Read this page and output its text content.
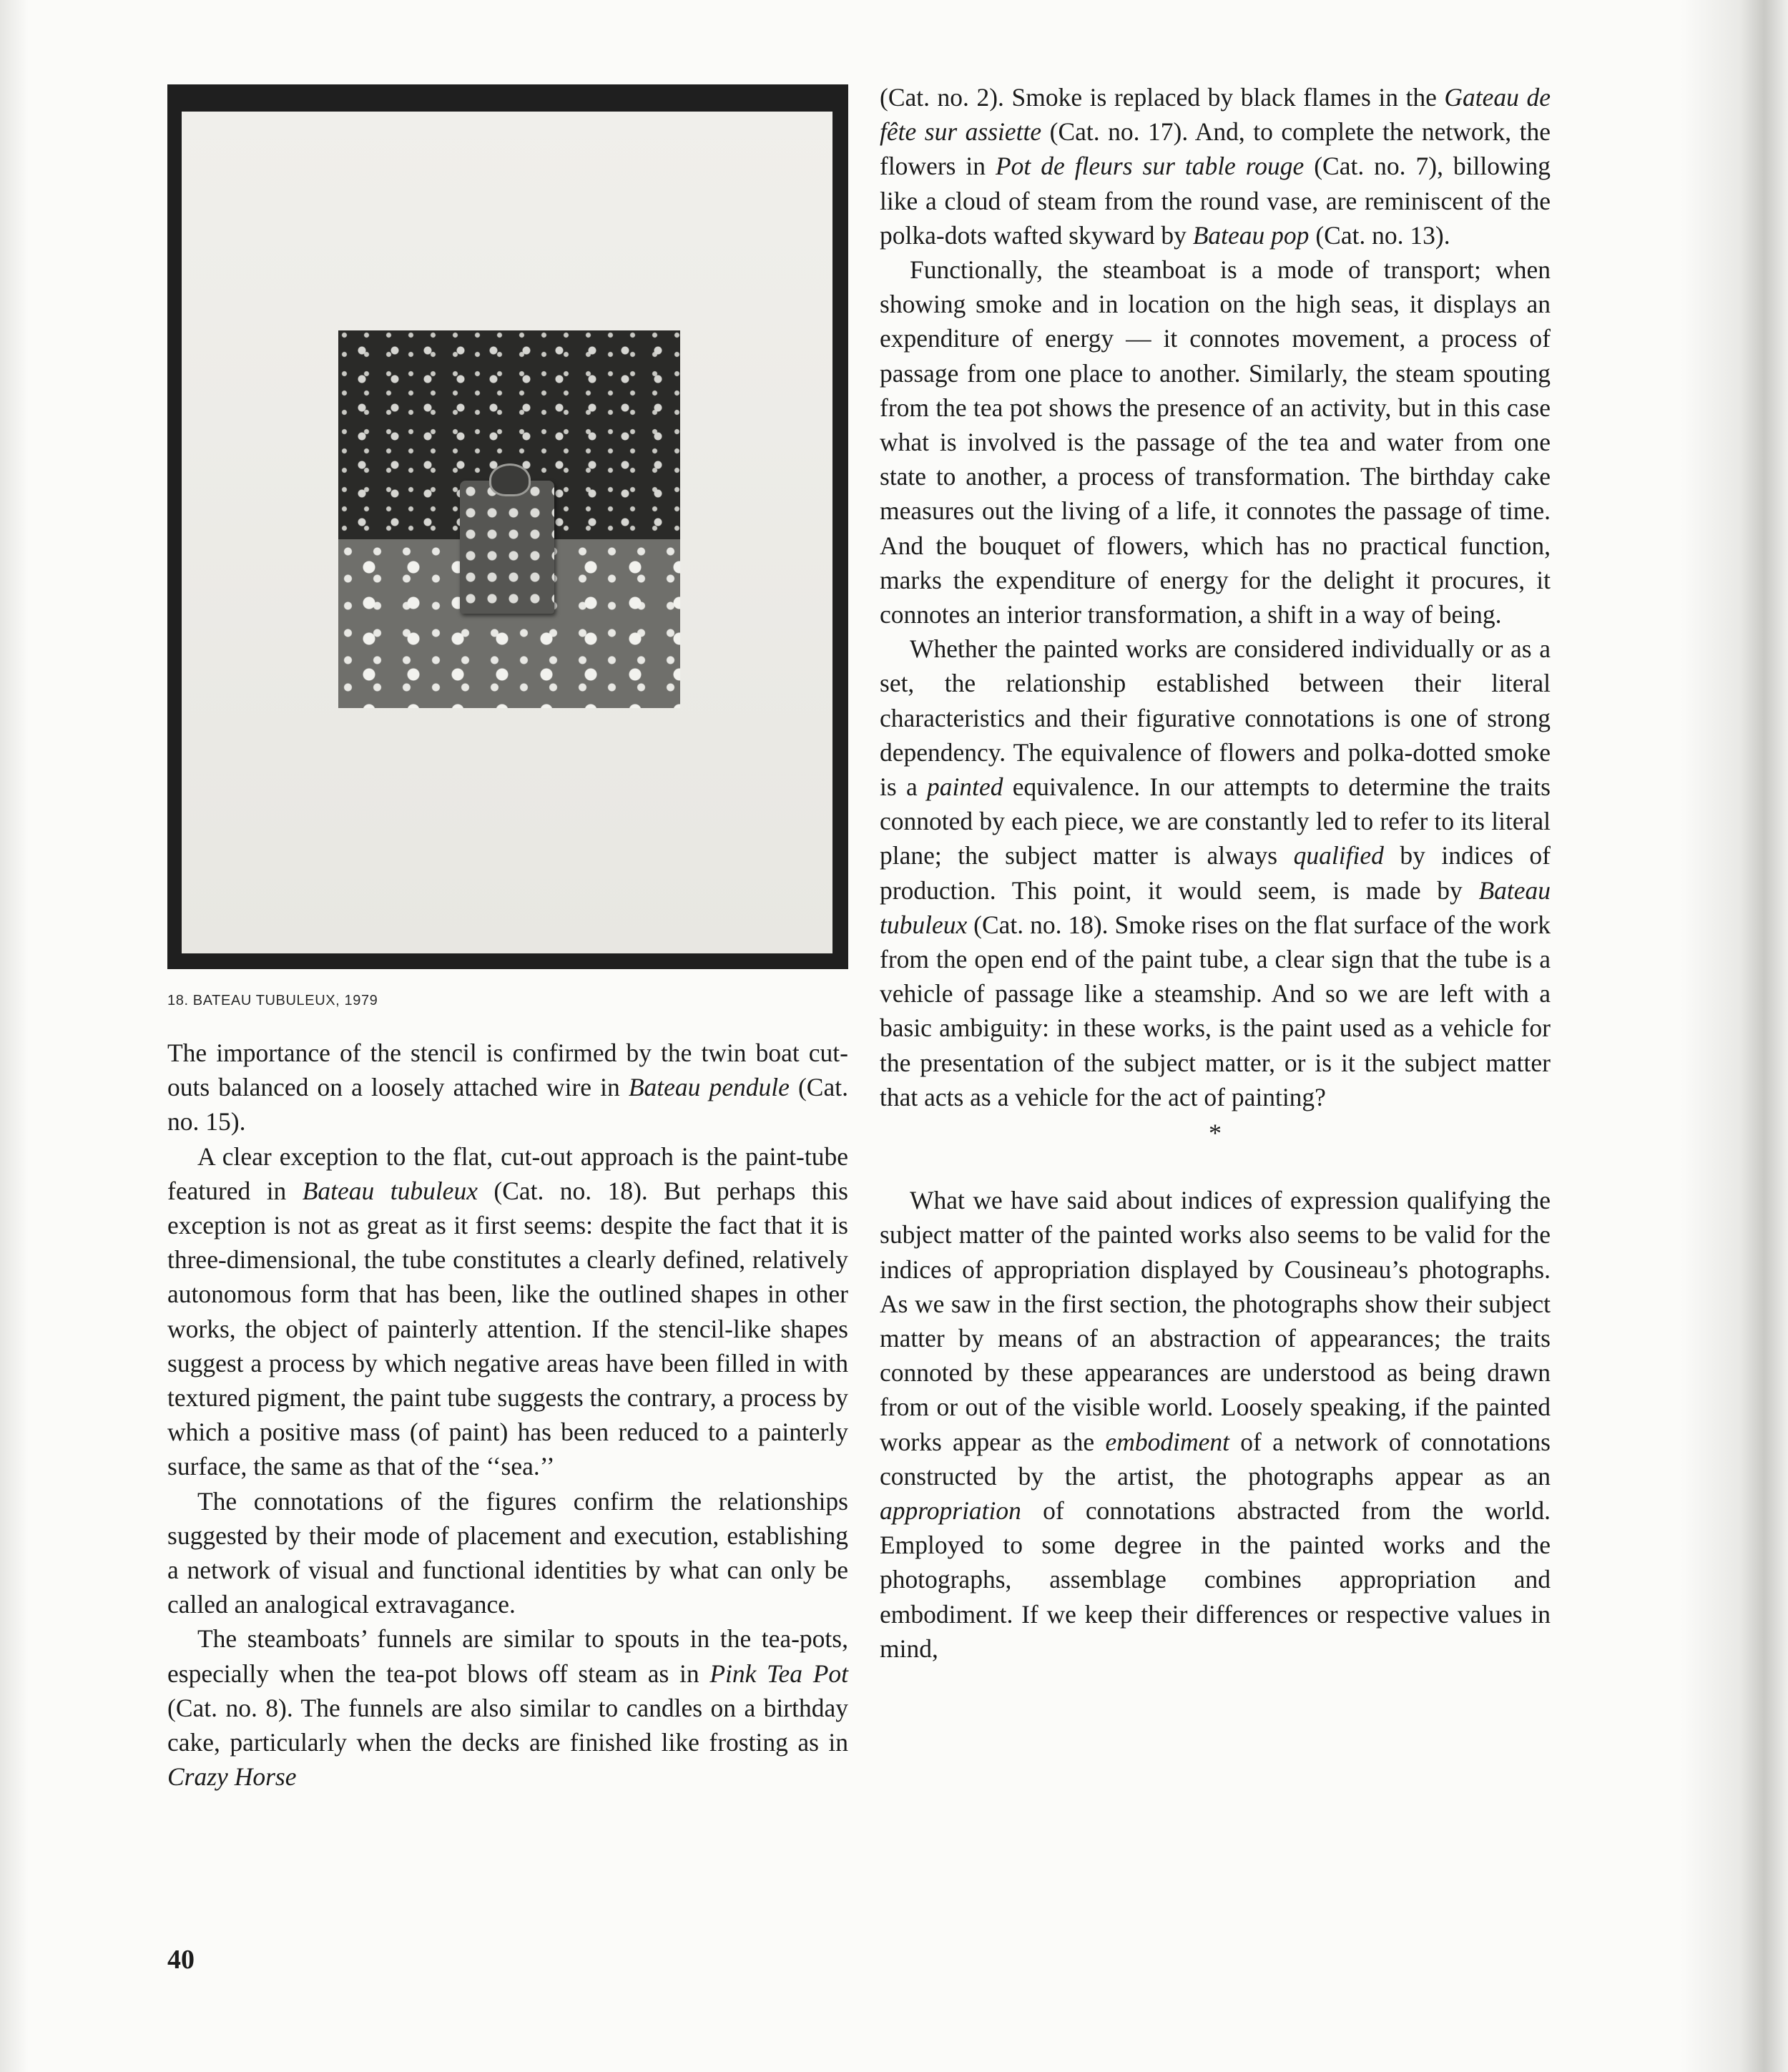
18. BATEAU TUBULEUX, 1979

The importance of the stencil is confirmed by the twin boat cut-outs balanced on a loosely attached wire in Bateau pendule (Cat. no. 15).

A clear exception to the flat, cut-out approach is the paint-tube featured in Bateau tubuleux (Cat. no. 18). But perhaps this exception is not as great as it first seems: despite the fact that it is three-dimensional, the tube constitutes a clearly defined, relatively autonomous form that has been, like the outlined shapes in other works, the object of painterly attention. If the stencil-like shapes suggest a process by which negative areas have been filled in with textured pigment, the paint tube suggests the contrary, a process by which a positive mass (of paint) has been reduced to a painterly surface, the same as that of the ‘‘sea.’’

The connotations of the figures confirm the relationships suggested by their mode of placement and execution, establishing a network of visual and functional identities by what can only be called an analogical extravagance.

The steamboats’ funnels are similar to spouts in the tea-pots, especially when the tea-pot blows off steam as in Pink Tea Pot (Cat. no. 8). The funnels are also similar to candles on a birthday cake, particularly when the decks are finished like frosting as in Crazy Horse

(Cat. no. 2). Smoke is replaced by black flames in the Gateau de fête sur assiette (Cat. no. 17). And, to complete the network, the flowers in Pot de fleurs sur table rouge (Cat. no. 7), billowing like a cloud of steam from the round vase, are reminiscent of the polka-dots wafted skyward by Bateau pop (Cat. no. 13).

Functionally, the steamboat is a mode of transport; when showing smoke and in location on the high seas, it displays an expenditure of energy — it connotes movement, a process of passage from one place to another. Similarly, the steam spouting from the tea pot shows the presence of an activity, but in this case what is involved is the passage of the tea and water from one state to another, a process of transformation. The birthday cake measures out the living of a life, it connotes the passage of time. And the bouquet of flowers, which has no practical function, marks the expenditure of energy for the delight it procures, it connotes an interior transformation, a shift in a way of being.

Whether the painted works are considered individually or as a set, the relationship established between their literal characteristics and their figurative connotations is one of strong dependency. The equivalence of flowers and polka-dotted smoke is a painted equivalence. In our attempts to determine the traits connoted by each piece, we are constantly led to refer to its literal plane; the subject matter is always qualified by indices of production. This point, it would seem, is made by Bateau tubuleux (Cat. no. 18). Smoke rises on the flat surface of the work from the open end of the paint tube, a clear sign that the tube is a vehicle of passage like a steamship. And so we are left with a basic ambiguity: in these works, is the paint used as a vehicle for the presentation of the subject matter, or is it the subject matter that acts as a vehicle for the act of painting?

*

What we have said about indices of expression qualifying the subject matter of the painted works also seems to be valid for the indices of appropriation displayed by Cousineau’s photographs. As we saw in the first section, the photographs show their subject matter by means of an abstraction of appearances; the traits connoted by these appearances are understood as being drawn from or out of the visible world. Loosely speaking, if the painted works appear as the embodiment of a network of connotations constructed by the artist, the photographs appear as an appropriation of connotations abstracted from the world. Employed to some degree in the painted works and the photographs, assemblage combines appropriation and embodiment. If we keep their differences or respective values in mind,

40
